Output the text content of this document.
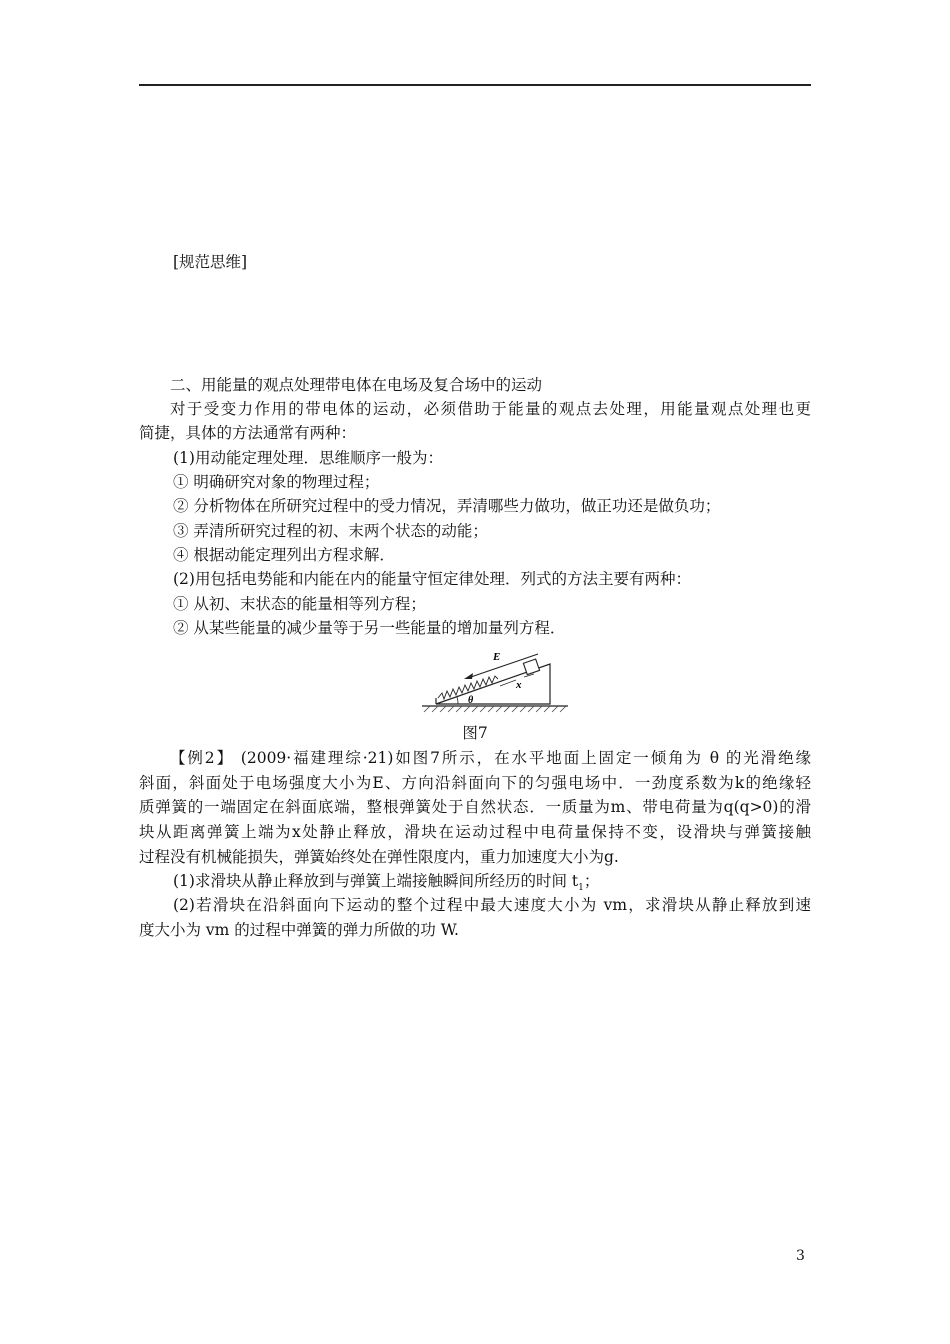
[规范思维]
二、用能量的观点处理带电体在电场及复合场中的运动
对于受变力作用的带电体的运动，必须借助于能量的观点去处理，用能量观点处理也更
简捷，具体的方法通常有两种：
(1)用动能定理处理．思维顺序一般为：
① 明确研究对象的物理过程；
② 分析物体在所研究过程中的受力情况，弄清哪些力做功，做正功还是做负功；
③ 弄清所研究过程的初、末两个状态的动能；
④ 根据动能定理列出方程求解．
(2)用包括电势能和内能在内的能量守恒定律处理．列式的方法主要有两种：
① 从初、末状态的能量相等列方程；
② 从某些能量的减少量等于另一些能量的增加量列方程．
E
x
θ
图7
【例2】 (2009·福建理综·21)如图7所示，在水平地面上固定一倾角为 θ 的光滑绝缘
斜面，斜面处于电场强度大小为E、方向沿斜面向下的匀强电场中．一劲度系数为k的绝缘轻
质弹簧的一端固定在斜面底端，整根弹簧处于自然状态．一质量为m、带电荷量为q(q>0)的滑
块从距离弹簧上端为x处静止释放，滑块在运动过程中电荷量保持不变，设滑块与弹簧接触
过程没有机械能损失，弹簧始终处在弹性限度内，重力加速度大小为g.
(1)求滑块从静止释放到与弹簧上端接触瞬间所经历的时间 $t_1$；
(2)若滑块在沿斜面向下运动的整个过程中最大速度大小为 vm，求滑块从静止释放到速
度大小为 vm 的过程中弹簧的弹力所做的功 W.
3
